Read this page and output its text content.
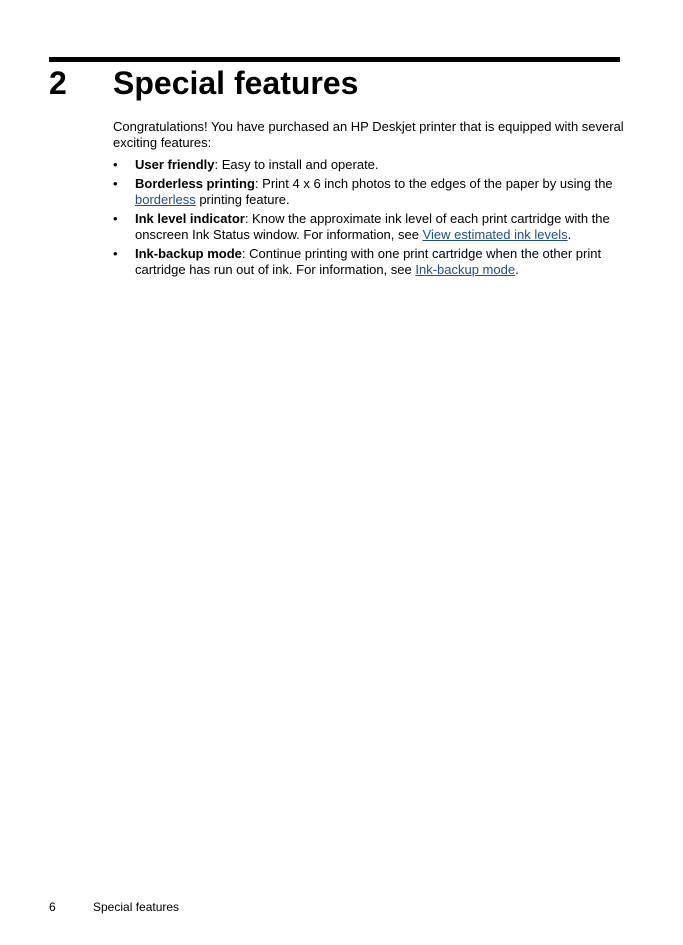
2 Special features

Congratulations! You have purchased an HP Deskjet printer that is equipped with several exciting features:

• User friendly: Easy to install and operate.
• Borderless printing: Print 4 x 6 inch photos to the edges of the paper by using the borderless printing feature.
• Ink level indicator: Know the approximate ink level of each print cartridge with the onscreen Ink Status window. For information, see View estimated ink levels.
• Ink-backup mode: Continue printing with one print cartridge when the other print cartridge has run out of ink. For information, see Ink-backup mode.
6	Special features
